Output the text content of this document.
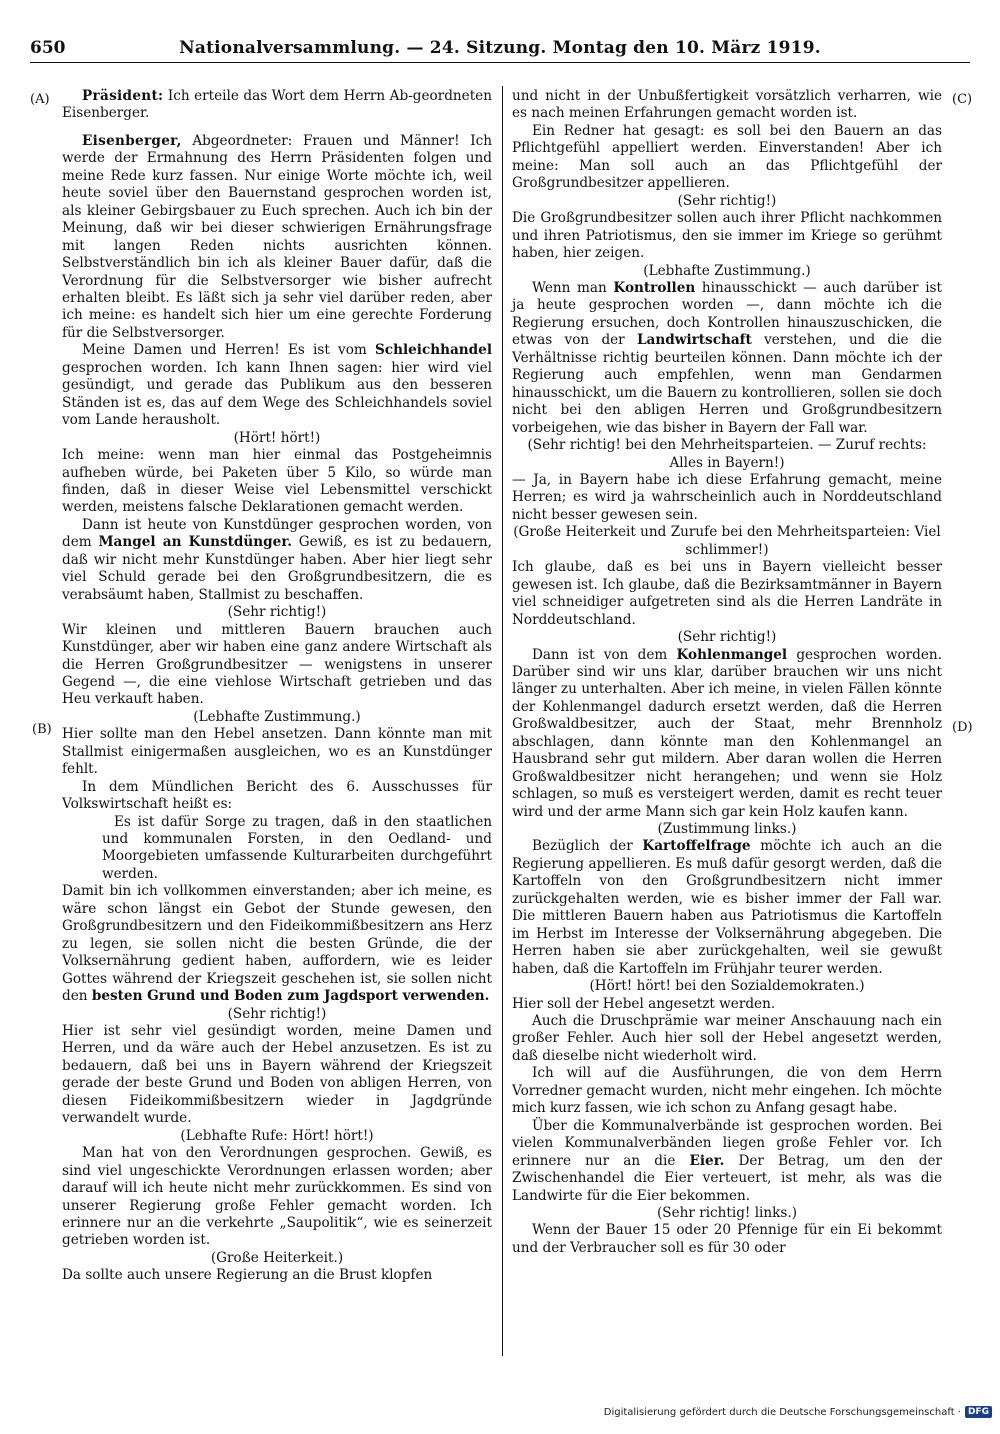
650	Nationalversammlung. — 24. Sitzung. Montag den 10. März 1919.
(A)
(B)
(C)
(D)

Präsident: Ich erteile das Wort dem Herrn Ab-geordneten Eisenberger.

Eisenberger, Abgeordneter: Frauen und Männer! Ich werde der Ermahnung des Herrn Präsidenten folgen und meine Rede kurz fassen. Nur einige Worte möchte ich, weil heute soviel über den Bauernstand gesprochen worden ist, als kleiner Gebirgsbauer zu Euch sprechen. Auch ich bin der Meinung, daß wir bei dieser schwierigen Ernährungsfrage mit langen Reden nichts ausrichten können. Selbstverständlich bin ich als kleiner Bauer dafür, daß die Verordnung für die Selbstversorger wie bisher aufrecht erhalten bleibt. Es läßt sich ja sehr viel darüber reden, aber ich meine: es handelt sich hier um eine gerechte Forderung für die Selbstversorger.

Meine Damen und Herren! Es ist vom Schleichhandel gesprochen worden. Ich kann Ihnen sagen: hier wird viel gesündigt, und gerade das Publikum aus den besseren Ständen ist es, das auf dem Wege des Schleichhandels soviel vom Lande herausholt.

(Hört! hört!)

Ich meine: wenn man hier einmal das Postgeheimnis aufheben würde, bei Paketen über 5 Kilo, so würde man finden, daß in dieser Weise viel Lebensmittel verschickt werden, meistens falsche Deklarationen gemacht werden.

Dann ist heute von Kunstdünger gesprochen worden, von dem Mangel an Kunstdünger. Gewiß, es ist zu bedauern, daß wir nicht mehr Kunstdünger haben. Aber hier liegt sehr viel Schuld gerade bei den Großgrundbesitzern, die es verabsäumt haben, Stallmist zu beschaffen.

(Sehr richtig!)

Wir kleinen und mittleren Bauern brauchen auch Kunstdünger, aber wir haben eine ganz andere Wirtschaft als die Herren Großgrundbesitzer — wenigstens in unserer Gegend —, die eine viehlose Wirtschaft getrieben und das Heu verkauft haben.

(Lebhafte Zustimmung.)

Hier sollte man den Hebel ansetzen. Dann könnte man mit Stallmist einigermaßen ausgleichen, wo es an Kunstdünger fehlt.

In dem Mündlichen Bericht des 6. Ausschusses für Volkswirtschaft heißt es:

Es ist dafür Sorge zu tragen, daß in den staatlichen und kommunalen Forsten, in den Oedland- und Moorgebieten umfassende Kulturarbeiten durchgeführt werden.

Damit bin ich vollkommen einverstanden; aber ich meine, es wäre schon längst ein Gebot der Stunde gewesen, den Großgrundbesitzern und den Fideikommißbesitzern ans Herz zu legen, sie sollen nicht die besten Gründe, die der Volksernährung gedient haben, auffordern, wie es leider Gottes während der Kriegszeit geschehen ist, sie sollen nicht den besten Grund und Boden zum Jagdsport verwenden.

(Sehr richtig!)

Hier ist sehr viel gesündigt worden, meine Damen und Herren, und da wäre auch der Hebel anzusetzen. Es ist zu bedauern, daß bei uns in Bayern während der Kriegszeit gerade der beste Grund und Boden von abligen Herren, von diesen Fideikommißbesitzern wieder in Jagdgründe verwandelt wurde.

(Lebhafte Rufe: Hört! hört!)

Man hat von den Verordnungen gesprochen. Gewiß, es sind viel ungeschickte Verordnungen erlassen worden; aber darauf will ich heute nicht mehr zurückkommen. Es sind von unserer Regierung große Fehler gemacht worden. Ich erinnere nur an die verkehrte „Saupolitik“, wie es seinerzeit getrieben worden ist.

(Große Heiterkeit.)

Da sollte auch unsere Regierung an die Brust klopfen

und nicht in der Unbußfertigkeit vorsätzlich verharren, wie es nach meinen Erfahrungen gemacht worden ist.

Ein Redner hat gesagt: es soll bei den Bauern an das Pflichtgefühl appelliert werden. Einverstanden! Aber ich meine: Man soll auch an das Pflichtgefühl der Großgrundbesitzer appellieren.

(Sehr richtig!)

Die Großgrundbesitzer sollen auch ihrer Pflicht nachkommen und ihren Patriotismus, den sie immer im Kriege so gerühmt haben, hier zeigen.

(Lebhafte Zustimmung.)

Wenn man Kontrollen hinausschickt — auch darüber ist ja heute gesprochen worden —, dann möchte ich die Regierung ersuchen, doch Kontrollen hinauszuschicken, die etwas von der Landwirtschaft verstehen, und die die Verhältnisse richtig beurteilen können. Dann möchte ich der Regierung auch empfehlen, wenn man Gendarmen hinausschickt, um die Bauern zu kontrollieren, sollen sie doch nicht bei den abligen Herren und Großgrundbesitzern vorbeigehen, wie das bisher in Bayern der Fall war.

(Sehr richtig! bei den Mehrheitsparteien. — Zuruf rechts: Alles in Bayern!)

— Ja, in Bayern habe ich diese Erfahrung gemacht, meine Herren; es wird ja wahrscheinlich auch in Norddeutschland nicht besser gewesen sein.

(Große Heiterkeit und Zurufe bei den Mehrheitsparteien: Viel schlimmer!)

Ich glaube, daß es bei uns in Bayern vielleicht besser gewesen ist. Ich glaube, daß die Bezirksamtmänner in Bayern viel schneidiger aufgetreten sind als die Herren Landräte in Norddeutschland.

(Sehr richtig!)

Dann ist von dem Kohlenmangel gesprochen worden. Darüber sind wir uns klar, darüber brauchen wir uns nicht länger zu unterhalten. Aber ich meine, in vielen Fällen könnte der Kohlenmangel dadurch ersetzt werden, daß die Herren Großwaldbesitzer, auch der Staat, mehr Brennholz abschlagen, dann könnte man den Kohlenmangel an Hausbrand sehr gut mildern. Aber daran wollen die Herren Großwaldbesitzer nicht herangehen; und wenn sie Holz schlagen, so muß es versteigert werden, damit es recht teuer wird und der arme Mann sich gar kein Holz kaufen kann.

(Zustimmung links.)

Bezüglich der Kartoffelfrage möchte ich auch an die Regierung appellieren. Es muß dafür gesorgt werden, daß die Kartoffeln von den Großgrundbesitzern nicht immer zurückgehalten werden, wie es bisher immer der Fall war. Die mittleren Bauern haben aus Patriotismus die Kartoffeln im Herbst im Interesse der Volksernährung abgegeben. Die Herren haben sie aber zurückgehalten, weil sie gewußt haben, daß die Kartoffeln im Frühjahr teurer werden.

(Hört! hört! bei den Sozialdemokraten.)

Hier soll der Hebel angesetzt werden.

Auch die Druschprämie war meiner Anschauung nach ein großer Fehler. Auch hier soll der Hebel angesetzt werden, daß dieselbe nicht wiederholt wird.

Ich will auf die Ausführungen, die von dem Herrn Vorredner gemacht wurden, nicht mehr eingehen. Ich möchte mich kurz fassen, wie ich schon zu Anfang gesagt habe.

Über die Kommunalverbände ist gesprochen worden. Bei vielen Kommunalverbänden liegen große Fehler vor. Ich erinnere nur an die Eier. Der Betrag, um den der Zwischenhandel die Eier verteuert, ist mehr, als was die Landwirte für die Eier bekommen.

(Sehr richtig! links.)

Wenn der Bauer 15 oder 20 Pfennige für ein Ei bekommt und der Verbraucher soll es für 30 oder

Digitalisierung gefördert durch die Deutsche Forschungsgemeinschaft · DFG
